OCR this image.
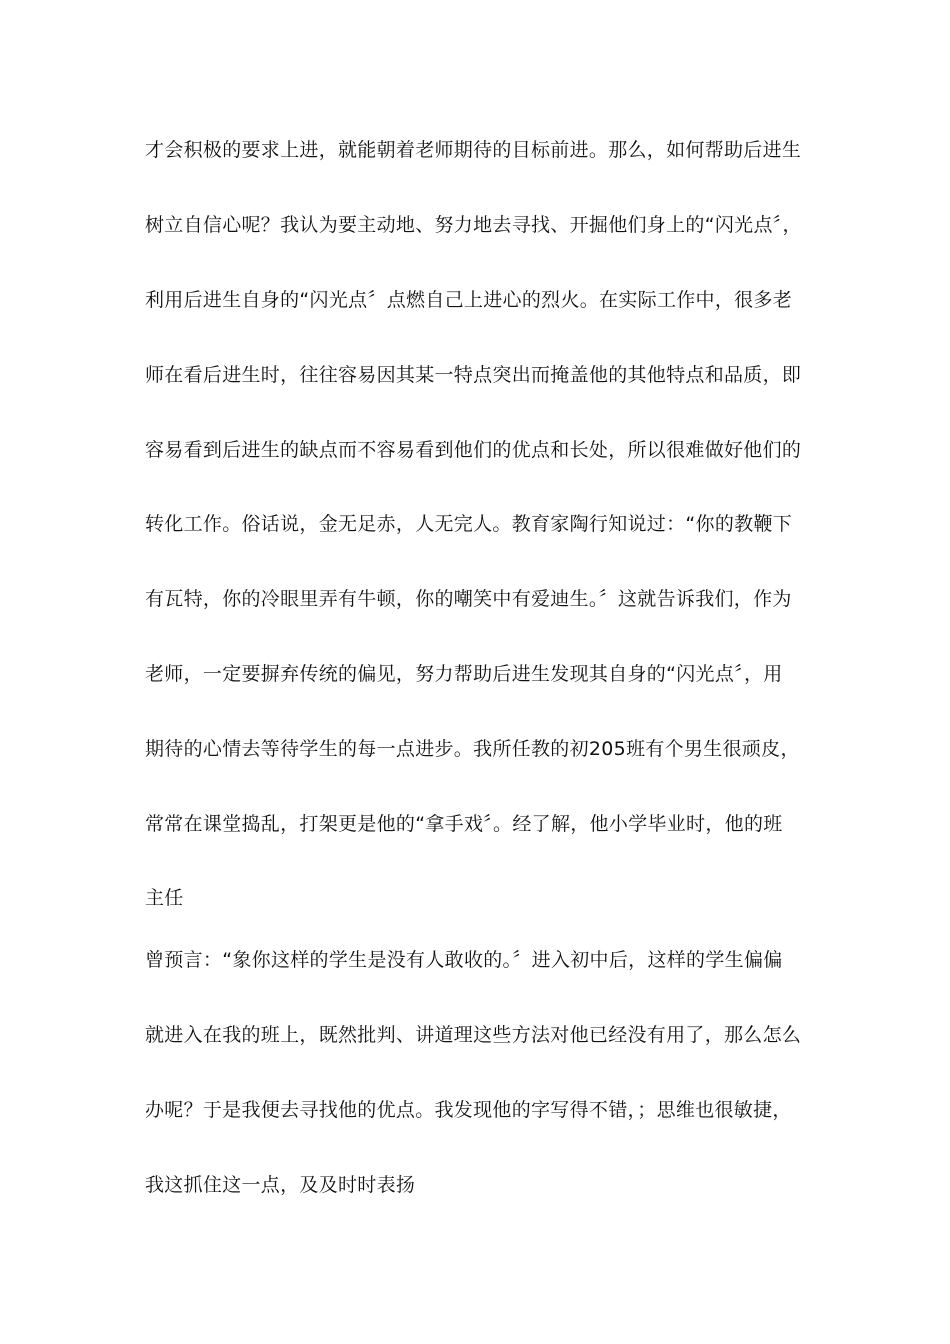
才会积极的要求上进，就能朝着老师期待的目标前进。那么，如何帮助后进生
树立自信心呢？我认为要主动地、努力地去寻找、开掘他们身上的“闪光点〞，
利用后进生自身的“闪光点〞点燃自己上进心的烈火。在实际工作中，很多老
师在看后进生时，往往容易因其某一特点突出而掩盖他的其他特点和品质，即
容易看到后进生的缺点而不容易看到他们的优点和长处，所以很难做好他们的
转化工作。俗话说，金无足赤，人无完人。教育家陶行知说过：“你的教鞭下
有瓦特，你的冷眼里弄有牛顿，你的嘲笑中有爱迪生。〞这就告诉我们，作为
老师，一定要摒弃传统的偏见，努力帮助后进生发现其自身的“闪光点〞，用
期待的心情去等待学生的每一点进步。我所任教的初205班有个男生很顽皮，
常常在课堂捣乱，打架更是他的“拿手戏〞。经了解，他小学毕业时，他的班
主任
曾预言：“象你这样的学生是没有人敢收的。〞进入初中后，这样的学生偏偏
就进入在我的班上，既然批判、讲道理这些方法对他已经没有用了，那么怎么
办呢？于是我便去寻找他的优点。我发现他的字写得不错，；思维也很敏捷，
我这抓住这一点，及及时时表扬
